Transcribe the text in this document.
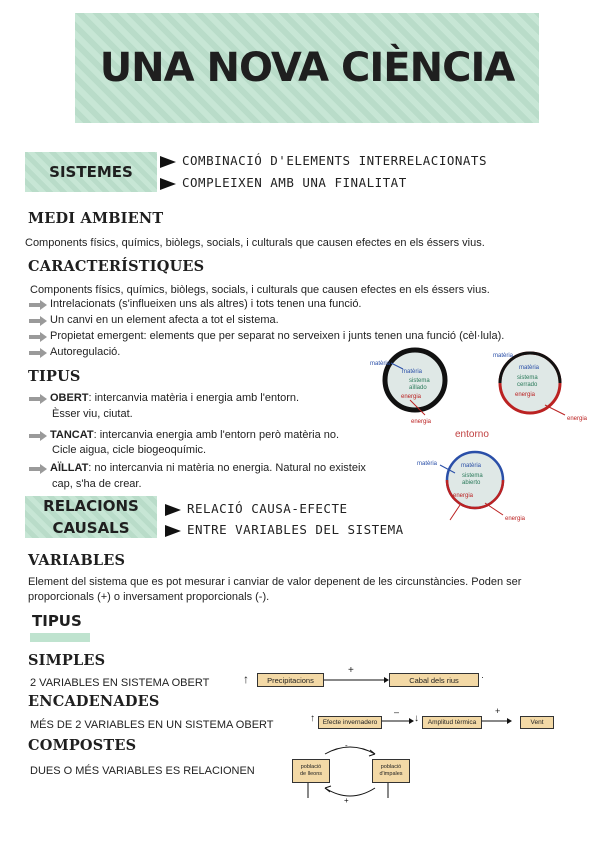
UNA NOVA CIÈNCIA
SISTEMES
COMBINACIÓ D'ELEMENTS INTERRELACIONATS
COMPLEIXEN AMB UNA FINALITAT
MEDI AMBIENT
Components físics, químics, biòlegs, socials, i culturals que causen efectes en els éssers vius.
CARACTERÍSTIQUES
Components físics, químics, biòlegs, socials, i culturals que causen efectes en els éssers vius.
Intrelacionats (s'influeixen uns als altres) i tots tenen una funció.
Un canvi en un element afecta a tot el sistema.
Propietat emergent: elements que per separat no serveixen i junts tenen una funció (cèl·lula).
Autoregulació.
TIPUS
OBERT : intercanvia matèria i energia amb l'entorn.
Èsser viu, ciutat.
TANCAT : intercanvia energia amb l'entorn però matèria no.
Cicle aigua, cicle biogeoquímic.
AÏLLAT : no intercanvia ni matèria no energia. Natural no existeix
cap, s'ha de crear.
matèria
matèria
sistema
aïllado
energia
energia
matèria
matèria
sistema
cerrado
energia
energia
entorno
matèria	matèria
sistema
abierto
energia
energia
RELACIONS
CAUSALS
RELACIÓ CAUSA-EFECTE
ENTRE VARIABLES DEL SISTEMA
VARIABLES
Element del sistema que es pot mesurar i canviar de valor depenent de les circunstàncies. Poden ser
proporcionals (+) o inversament proporcionals (-).
TIPUS
SIMPLES
2 VARIABLES EN SISTEMA OBERT	↑	Precipitacions
+
Cabal dels rius	·
ENCADENADES
MÉS DE 2 VARIABLES EN UN SISTEMA OBERT
↑	Efecte invernadero
–
↓	Amplitud tèrmica
+
Vent
COMPOSTES
DUES O MÉS VARIABLES ES RELACIONEN
-
+
població
de lleons
població
d'impales
